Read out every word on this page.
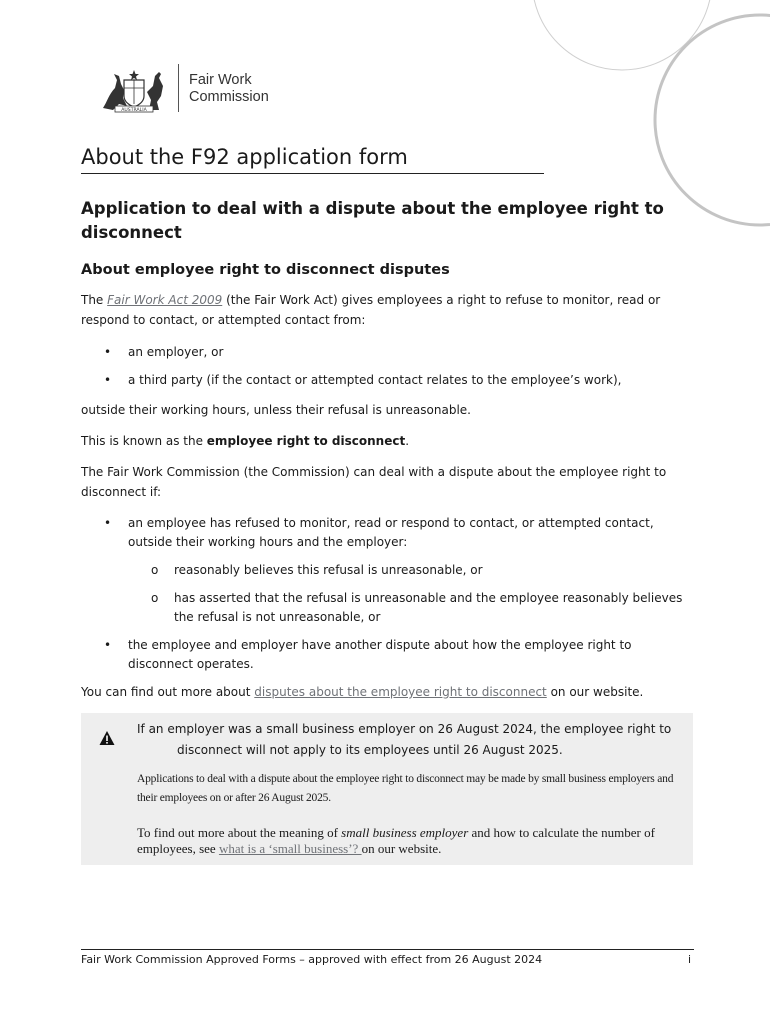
AUSTRALIA
Fair Work
Commission
About the F92 application form
Application to deal with a dispute about the employee right to disconnect
About employee right to disconnect disputes

The Fair Work Act 2009 (the Fair Work Act) gives employees a right to refuse to monitor, read or respond to contact, or attempted contact from:

• an employer, or
• a third party (if the contact or attempted contact relates to the employee’s work),

outside their working hours, unless their refusal is unreasonable.

This is known as the employee right to disconnect.

The Fair Work Commission (the Commission) can deal with a dispute about the employee right to disconnect if:

• an employee has refused to monitor, read or respond to contact, or attempted contact, outside their working hours and the employer:
o reasonably believes this refusal is unreasonable, or
o has asserted that the refusal is unreasonable and the employee reasonably believes the refusal is not unreasonable, or
• the employee and employer have another dispute about how the employee right to disconnect operates.

You can find out more about disputes about the employee right to disconnect on our website.

If an employer was a small business employer on 26 August 2024, the employee right to
disconnect will not apply to its employees until 26 August 2025.
Applications to deal with a dispute about the employee right to disconnect may be made by small business employers and their employees on or after 26 August 2025.
To find out more about the meaning of small business employer and how to calculate the number of employees, see what is a ‘small business’? on our website.
Fair Work Commission Approved Forms – approved with effect from 26 August 2024	i
